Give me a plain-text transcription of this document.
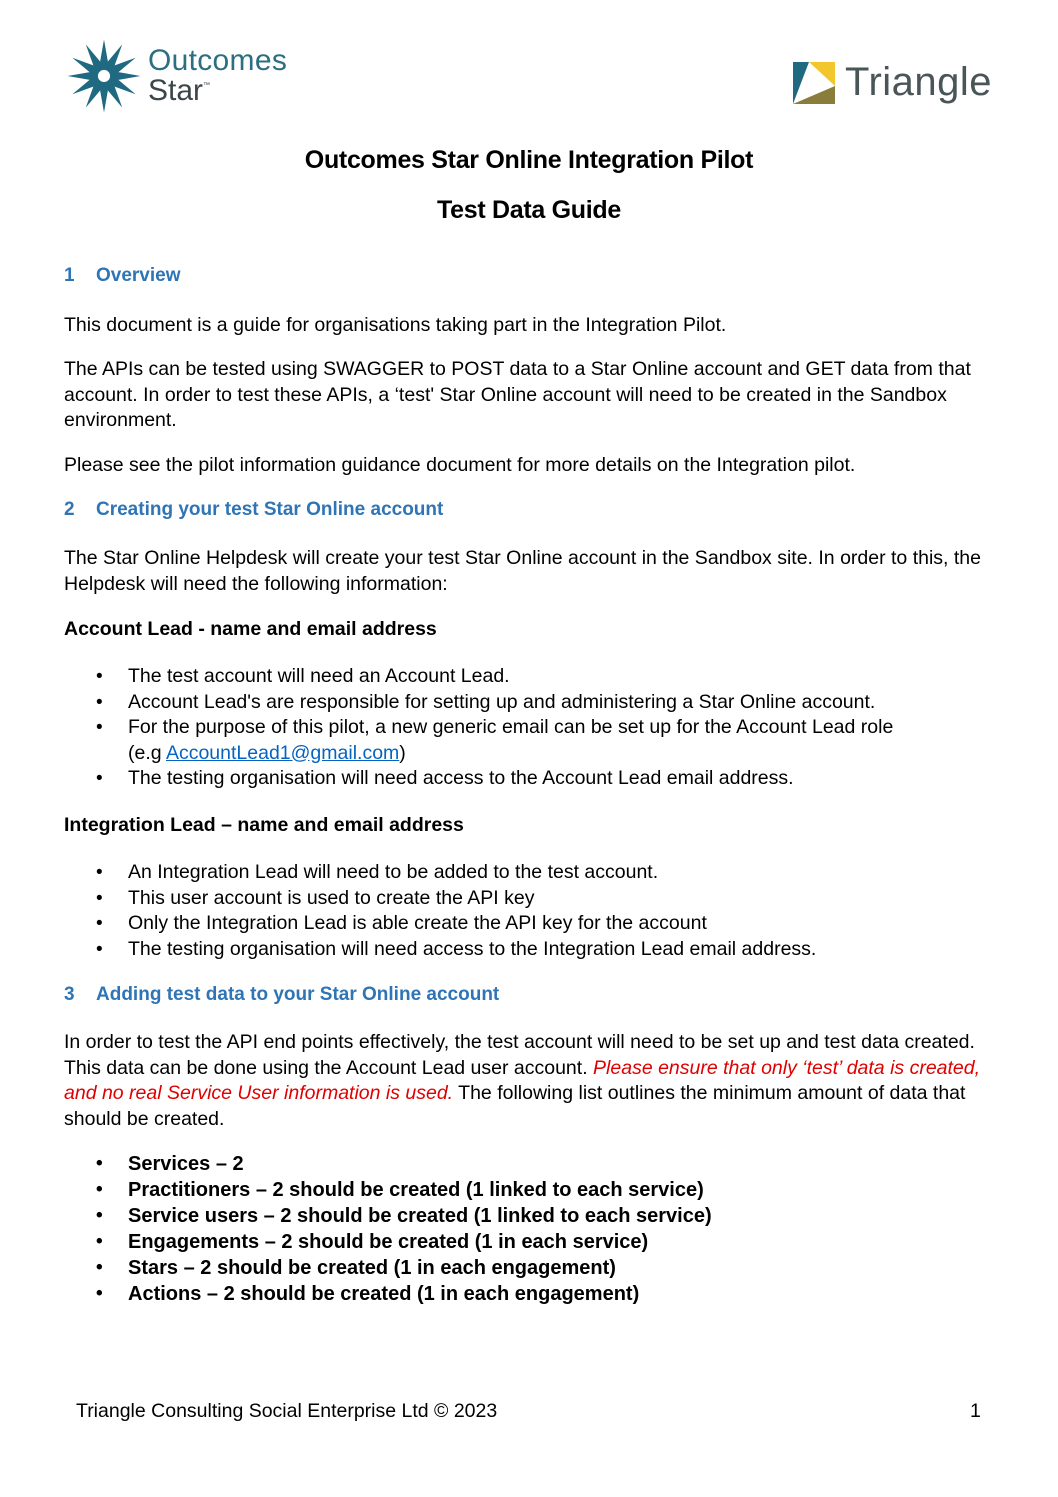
Outcomes
Star™	Triangle
Outcomes Star Online Integration Pilot
Test Data Guide
1 Overview
This document is a guide for organisations taking part in the Integration Pilot.
The APIs can be tested using SWAGGER to POST data to a Star Online account and GET data from that account. In order to test these APIs, a ‘test' Star Online account will need to be created in the Sandbox environment.
Please see the pilot information guidance document for more details on the Integration pilot.
2 Creating your test Star Online account
The Star Online Helpdesk will create your test Star Online account in the Sandbox site. In order to this, the Helpdesk will need the following information:
Account Lead - name and email address
• The test account will need an Account Lead.
• Account Lead's are responsible for setting up and administering a Star Online account.
• For the purpose of this pilot, a new generic email can be set up for the Account Lead role
(e.g AccountLead1@gmail.com)
• The testing organisation will need access to the Account Lead email address.
Integration Lead – name and email address
• An Integration Lead will need to be added to the test account.
• This user account is used to create the API key
• Only the Integration Lead is able create the API key for the account
• The testing organisation will need access to the Integration Lead email address.
3 Adding test data to your Star Online account
In order to test the API end points effectively, the test account will need to be set up and test data created. This data can be done using the Account Lead user account. Please ensure that only ‘test’ data is created, and no real Service User information is used. The following list outlines the minimum amount of data that should be created.
• Services – 2
• Practitioners – 2 should be created (1 linked to each service)
• Service users – 2 should be created (1 linked to each service)
• Engagements – 2 should be created (1 in each service)
• Stars – 2 should be created (1 in each engagement)
• Actions – 2 should be created (1 in each engagement)
Triangle Consulting Social Enterprise Ltd © 2023	1
